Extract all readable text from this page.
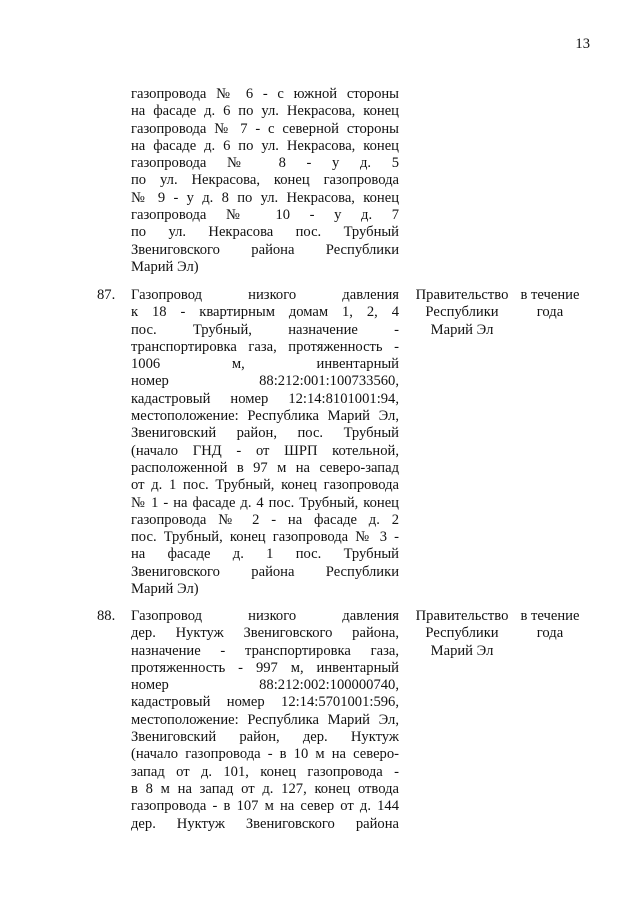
13
газопровода № 6 - с южной стороны
на фасаде д. 6 по ул. Некрасова, конец
газопровода № 7 - с северной стороны
на фасаде д. 6 по ул. Некрасова, конец
газопровода № 8 - у д. 5
по ул. Некрасова, конец газопровода
№ 9 - у д. 8 по ул. Некрасова, конец
газопровода № 10 - у д. 7
по ул. Некрасова пос. Трубный
Звениговского района Республики
Марий Эл)
87.	Газопровод низкого давления
к 18 - квартирным домам 1, 2, 4
пос. Трубный, назначение -
транспортировка газа, протяженность -
1006 м, инвентарный
номер 88:212:001:100733560,
кадастровый номер 12:14:8101001:94,
местоположение: Республика Марий Эл,
Звениговский район, пос. Трубный
(начало ГНД - от ШРП котельной,
расположенной в 97 м на северо-запад
от д. 1 пос. Трубный, конец газопровода
№ 1 - на фасаде д. 4 пос. Трубный, конец
газопровода № 2 - на фасаде д. 2
пос. Трубный, конец газопровода № 3 -
на фасаде д. 1 пос. Трубный
Звениговского района Республики
Марий Эл)
Правительство
Республики
Марий Эл
в течение
года
88.	Газопровод низкого давления
дер. Нуктуж Звениговского района,
назначение - транспортировка газа,
протяженность - 997 м, инвентарный
номер 88:212:002:100000740,
кадастровый номер 12:14:5701001:596,
местоположение: Республика Марий Эл,
Звениговский район, дер. Нуктуж
(начало газопровода - в 10 м на северо-
запад от д. 101, конец газопровода -
в 8 м на запад от д. 127, конец отвода
газопровода - в 107 м на север от д. 144
дер. Нуктуж Звениговского района
Правительство
Республики
Марий Эл
в течение
года
